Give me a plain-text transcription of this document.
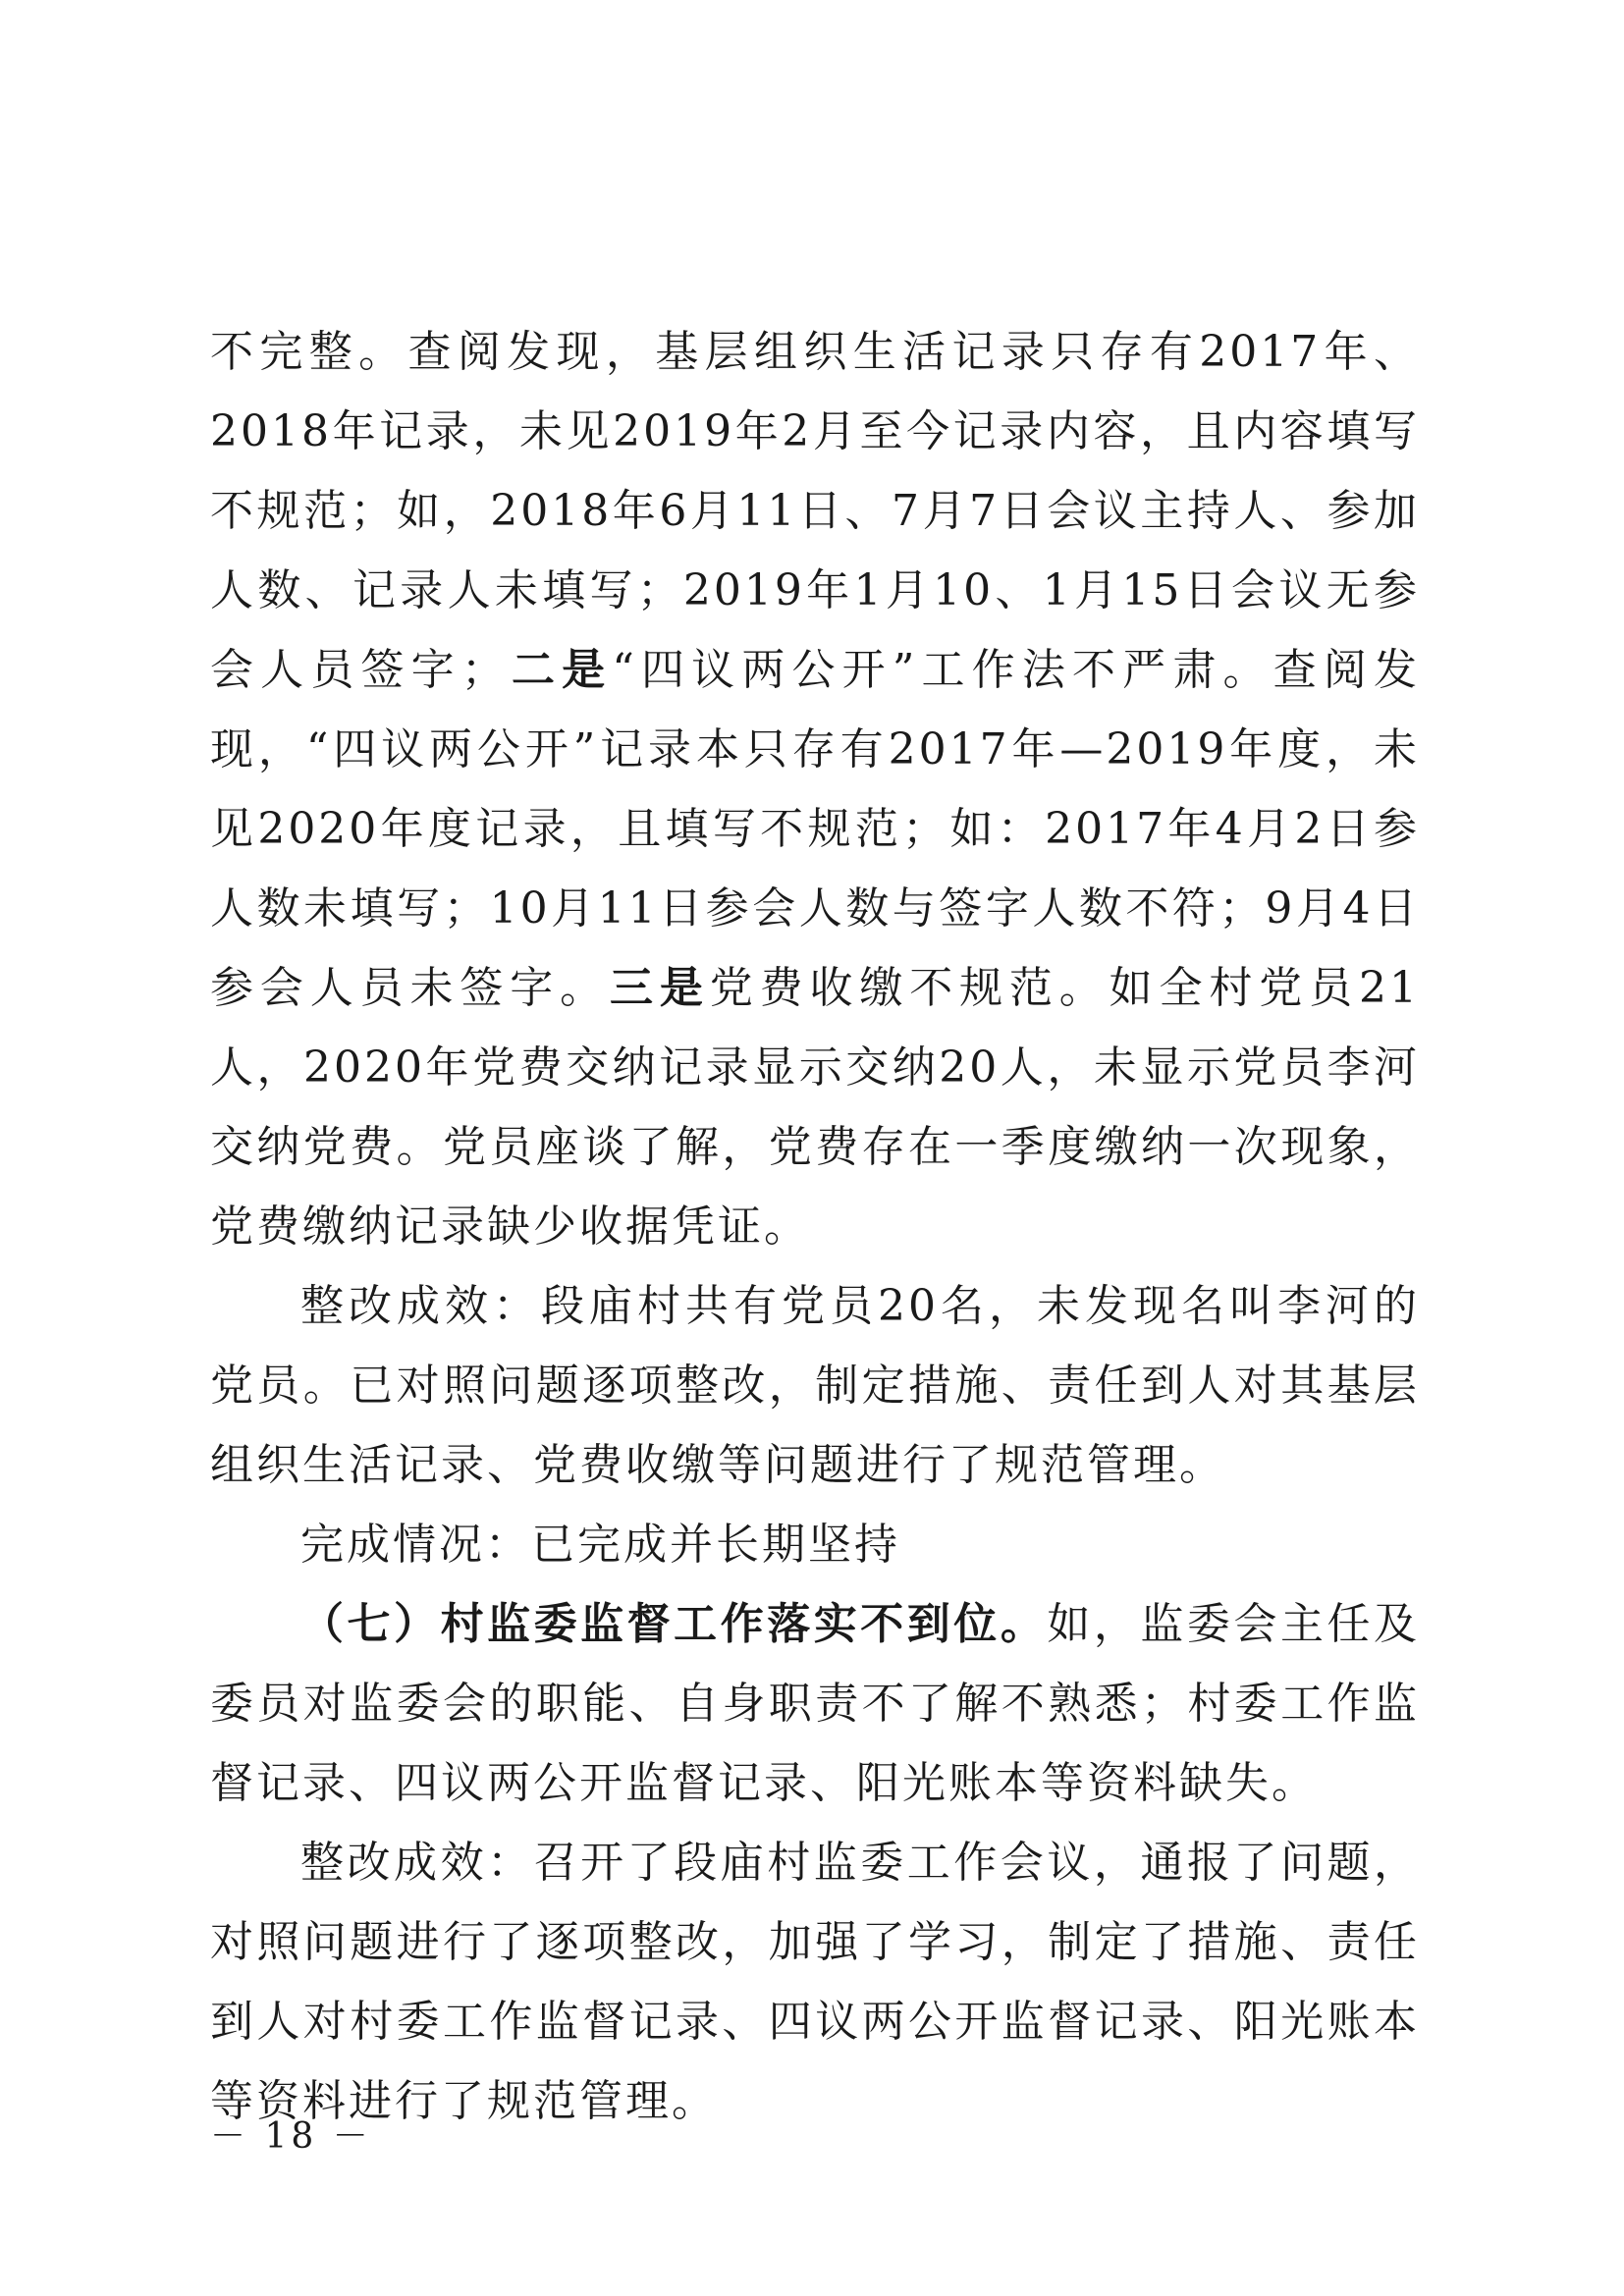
不完整。查阅发现，基层组织生活记录只存有2017年、2018年记录，未见2019年2月至今记录内容，且内容填写不规范；如，2018年6月11日、7月7日会议主持人、参加人数、记录人未填写；2019年1月10、1月15日会议无参会人员签字；二是“四议两公开”工作法不严肃。查阅发现，“四议两公开”记录本只存有2017年—2019年度，未见2020年度记录，且填写不规范；如：2017年4月2日参人数未填写；10月11日参会人数与签字人数不符；9月4日参会人员未签字。三是党费收缴不规范。如全村党员21人，2020年党费交纳记录显示交纳20人，未显示党员李河交纳党费。党员座谈了解，党费存在一季度缴纳一次现象，党费缴纳记录缺少收据凭证。

整改成效：段庙村共有党员20名，未发现名叫李河的党员。已对照问题逐项整改，制定措施、责任到人对其基层组织生活记录、党费收缴等问题进行了规范管理。

完成情况：已完成并长期坚持

（七）村监委监督工作落实不到位。如，监委会主任及委员对监委会的职能、自身职责不了解不熟悉；村委工作监督记录、四议两公开监督记录、阳光账本等资料缺失。

整改成效：召开了段庙村监委工作会议，通报了问题，对照问题进行了逐项整改，加强了学习，制定了措施、责任到人对村委工作监督记录、四议两公开监督记录、阳光账本等资料进行了规范管理。

－ 18 －
